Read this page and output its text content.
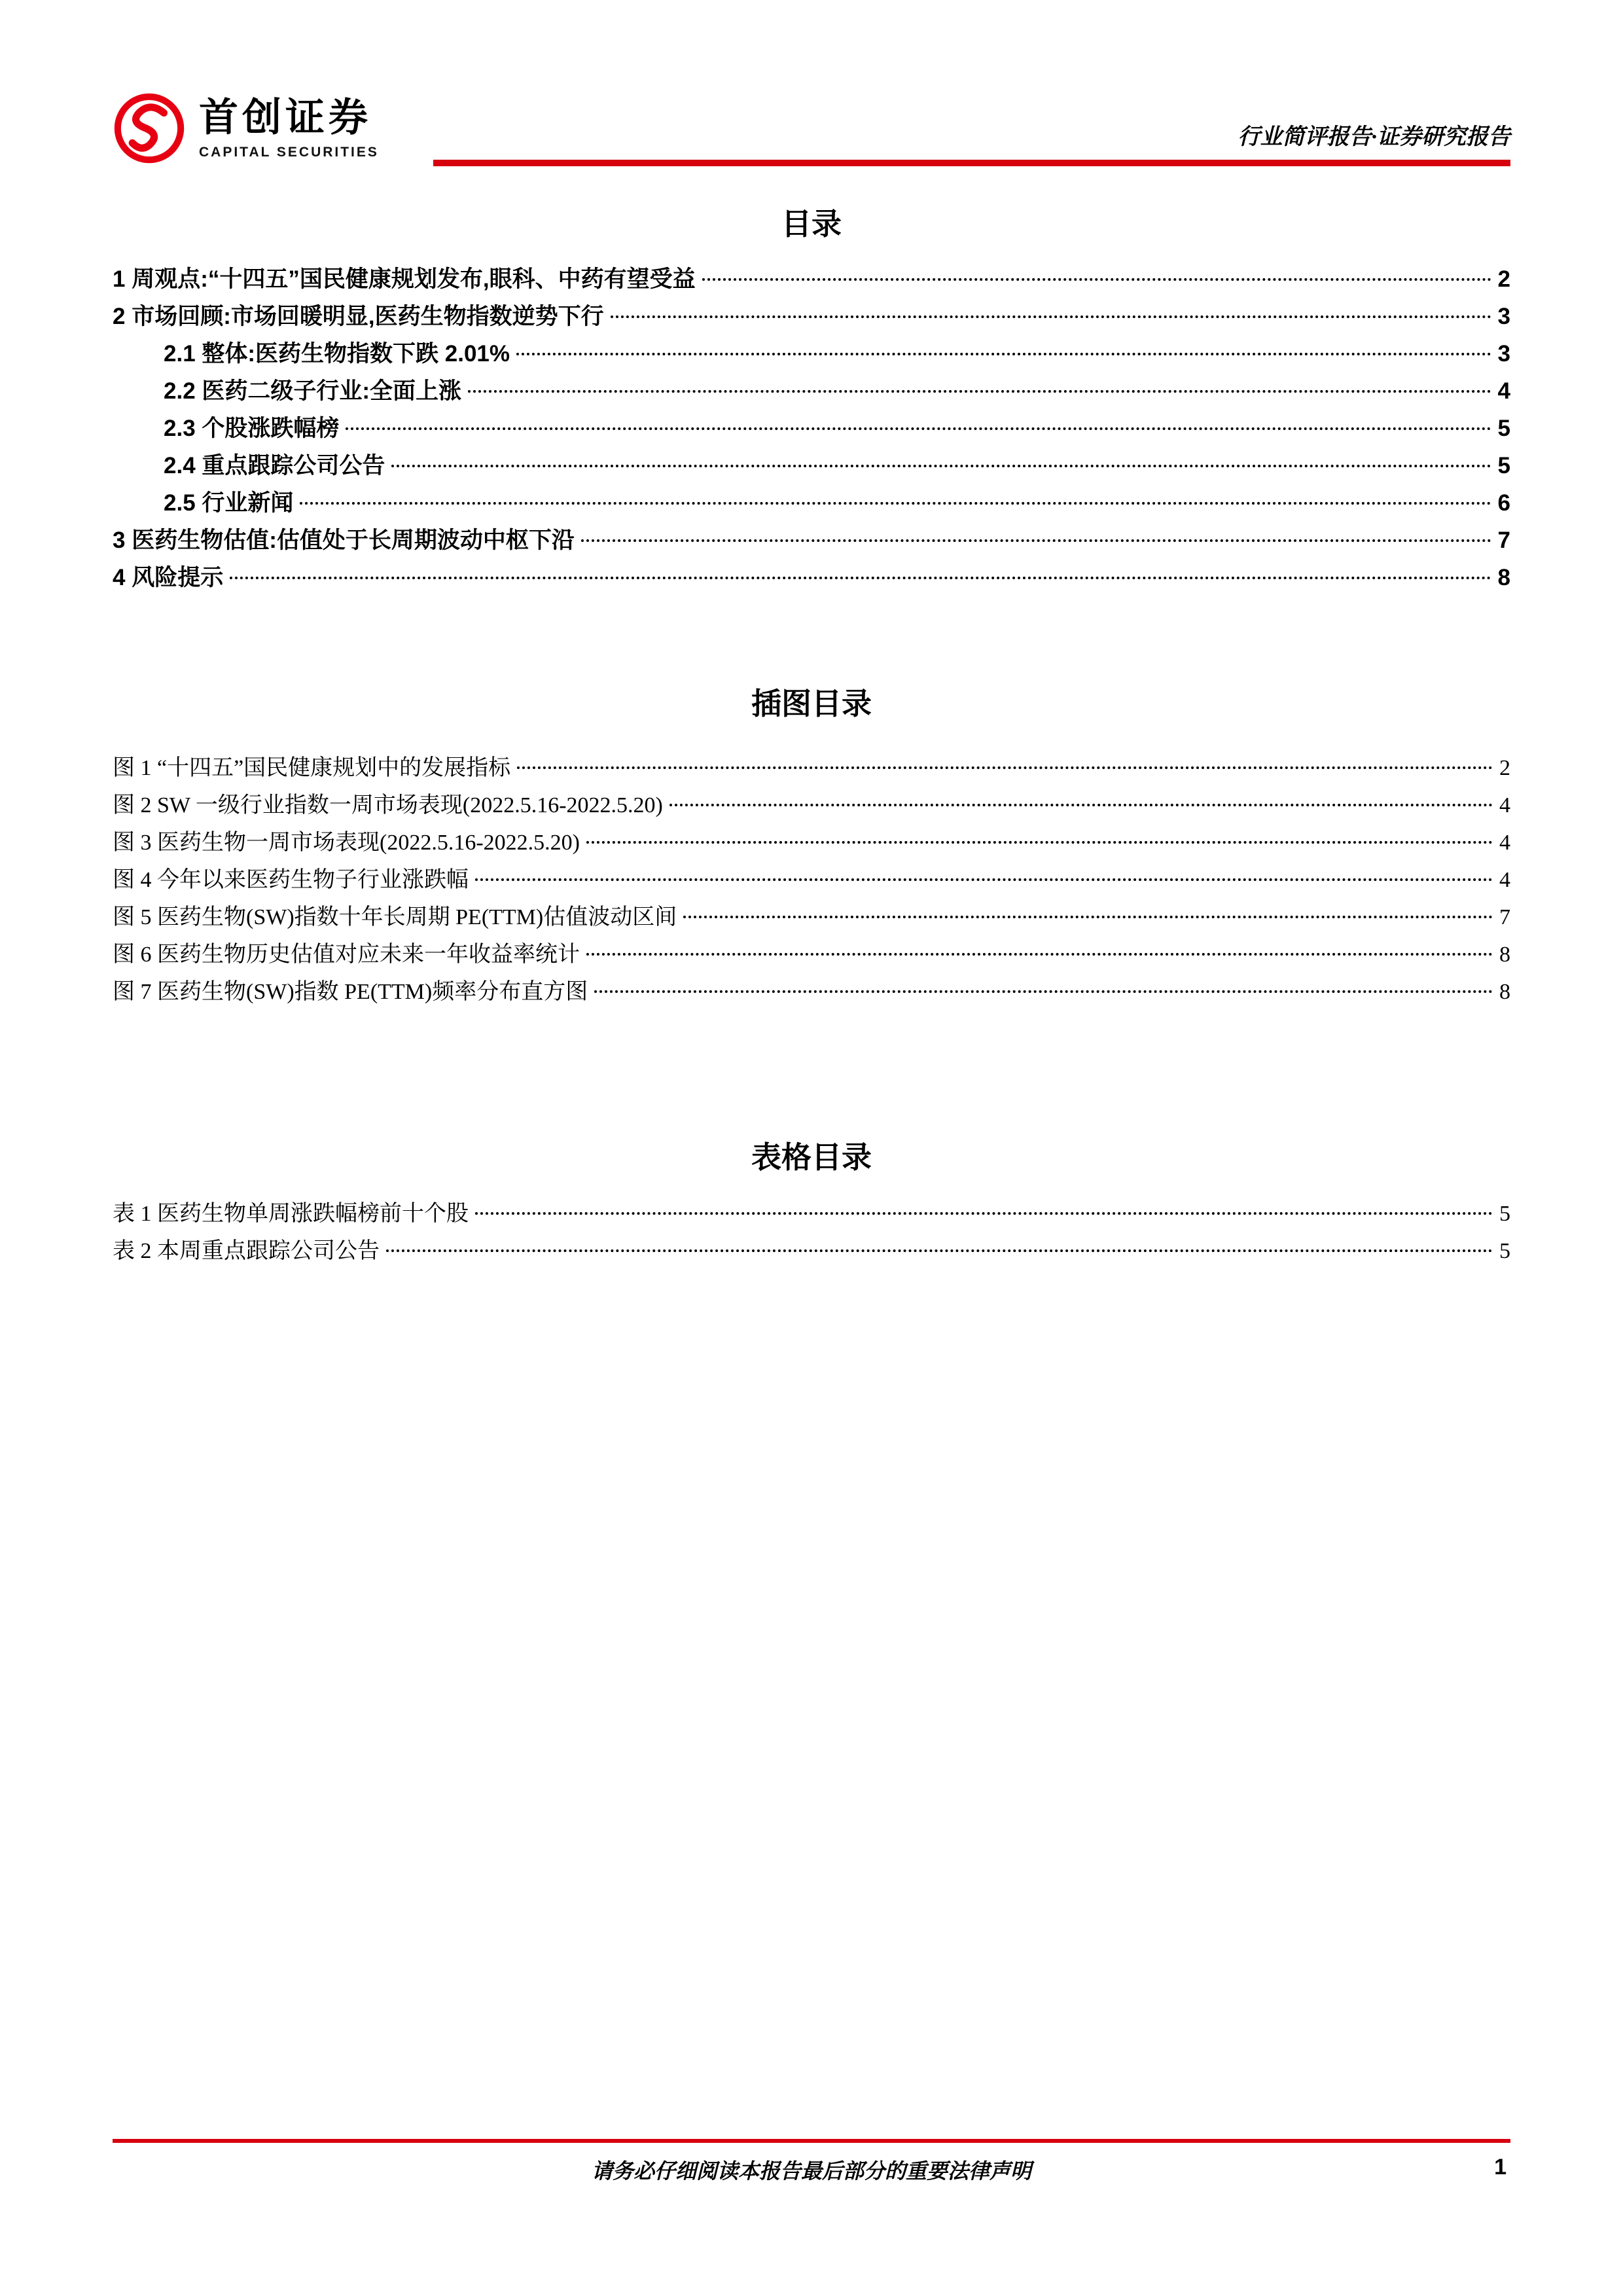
首创证券
CAPITAL SECURITIES
行业简评报告·证券研究报告
目录
1 周观点:“十四五”国民健康规划发布,眼科、中药有望受益	2
2 市场回顾:市场回暖明显,医药生物指数逆势下行	3
2.1 整体:医药生物指数下跌 2.01%	3
2.2 医药二级子行业:全面上涨	4
2.3 个股涨跌幅榜	5
2.4 重点跟踪公司公告	5
2.5 行业新闻	6
3 医药生物估值:估值处于长周期波动中枢下沿	7
4 风险提示	8
插图目录
图 1 “十四五”国民健康规划中的发展指标	2
图 2 SW 一级行业指数一周市场表现(2022.5.16-2022.5.20)	4
图 3 医药生物一周市场表现(2022.5.16-2022.5.20)	4
图 4 今年以来医药生物子行业涨跌幅	4
图 5 医药生物(SW)指数十年长周期 PE(TTM)估值波动区间	7
图 6 医药生物历史估值对应未来一年收益率统计	8
图 7 医药生物(SW)指数 PE(TTM)频率分布直方图	8
表格目录
表 1 医药生物单周涨跌幅榜前十个股	5
表 2 本周重点跟踪公司公告	5
请务必仔细阅读本报告最后部分的重要法律声明	1
